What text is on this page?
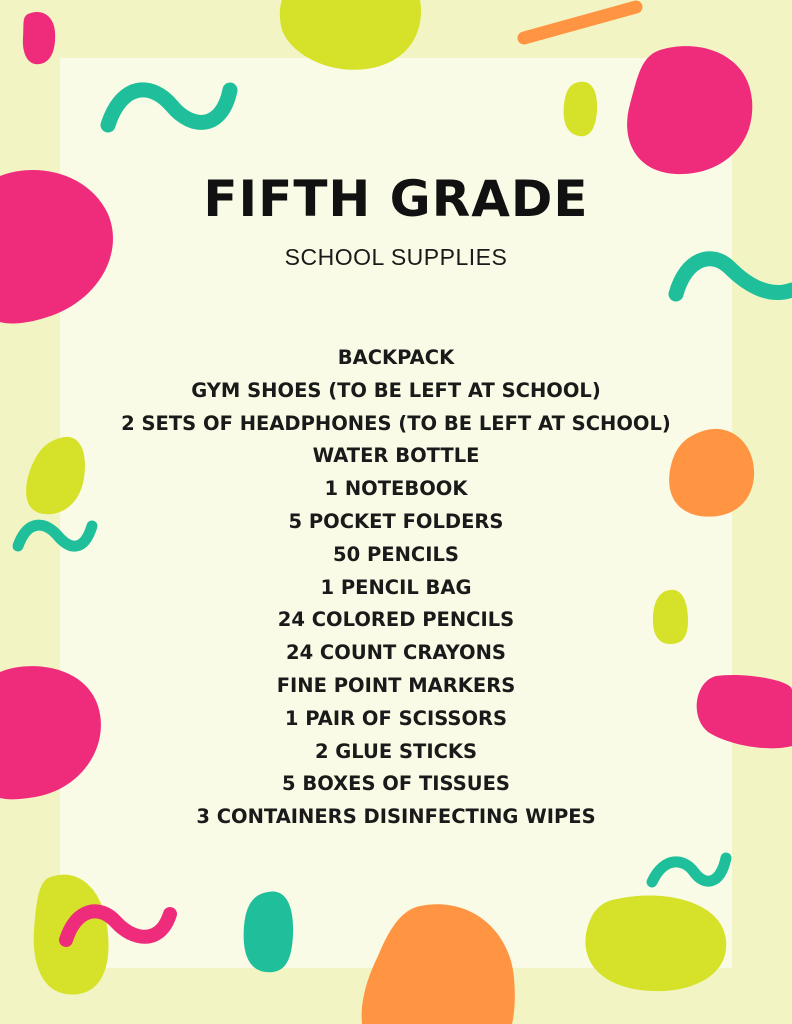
FIFTH GRADE
SCHOOL SUPPLIES
BACKPACK
GYM SHOES (TO BE LEFT AT SCHOOL)
2 SETS OF HEADPHONES (TO BE LEFT AT SCHOOL)
WATER BOTTLE
1 NOTEBOOK
5 POCKET FOLDERS
50 PENCILS
1 PENCIL BAG
24 COLORED PENCILS
24 COUNT CRAYONS
FINE POINT MARKERS
1 PAIR OF SCISSORS
2 GLUE STICKS
5 BOXES OF TISSUES
3 CONTAINERS DISINFECTING WIPES
